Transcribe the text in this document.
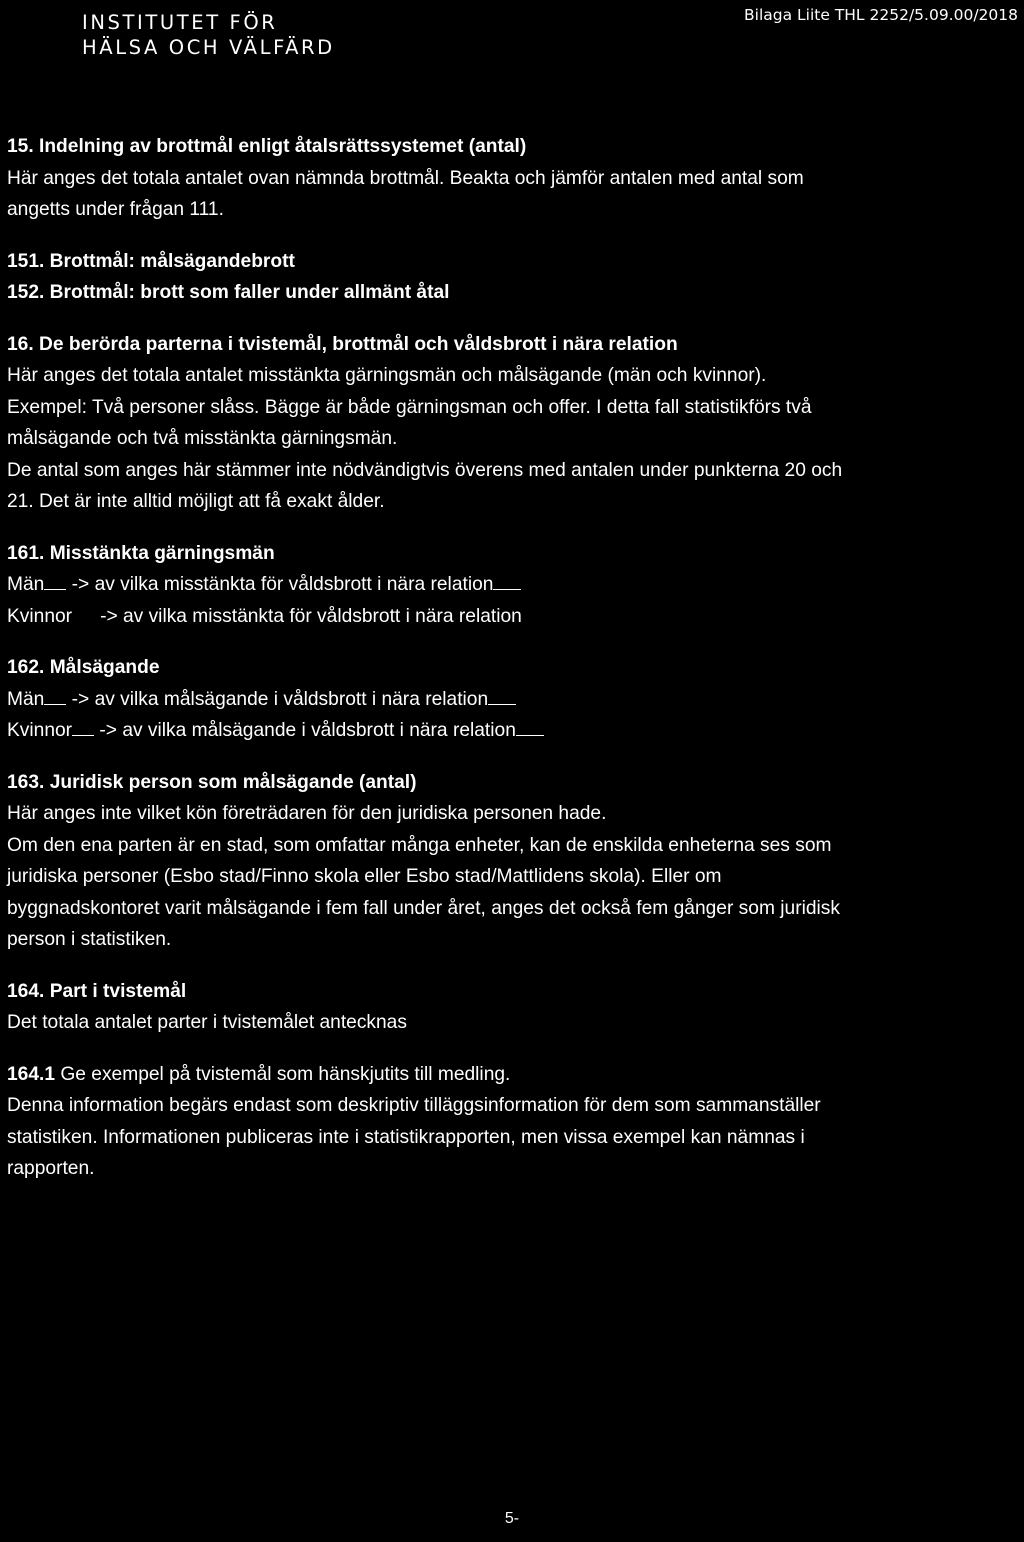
INSTITUTET FÖR
HÄLSA OCH VÄLFÄRD
Bilaga Liite THL 2252/5.09.00/2018
15. Indelning av brottmål enligt åtalsrättssystemet (antal)
Här anges det totala antalet ovan nämnda brottmål. Beakta och jämför antalen med antal som
angetts under frågan 111.
151. Brottmål: målsägandebrott
152. Brottmål: brott som faller under allmänt åtal
16. De berörda parterna i tvistemål, brottmål och våldsbrott i nära relation
Här anges det totala antalet misstänkta gärningsmän och målsägande (män och kvinnor).
Exempel: Två personer slåss. Bägge är både gärningsman och offer. I detta fall statistikförs två
målsägande och två misstänkta gärningsmän.
De antal som anges här stämmer inte nödvändigtvis överens med antalen under punkterna 20 och
21. Det är inte alltid möjligt att få exakt ålder.
161. Misstänkta gärningsmän
Män -> av vilka misstänkta för våldsbrott i nära relation
Kvinnor -> av vilka misstänkta för våldsbrott i nära relation
162. Målsägande
Män -> av vilka målsägande i våldsbrott i nära relation
Kvinnor -> av vilka målsägande i våldsbrott i nära relation
163. Juridisk person som målsägande (antal)
Här anges inte vilket kön företrädaren för den juridiska personen hade.
Om den ena parten är en stad, som omfattar många enheter, kan de enskilda enheterna ses som
juridiska personer (Esbo stad/Finno skola eller Esbo stad/Mattlidens skola). Eller om
byggnadskontoret varit målsägande i fem fall under året, anges det också fem gånger som juridisk
person i statistiken.
164. Part i tvistemål
Det totala antalet parter i tvistemålet antecknas
164.1 Ge exempel på tvistemål som hänskjutits till medling.
Denna information begärs endast som deskriptiv tilläggsinformation för dem som sammanställer
statistiken. Informationen publiceras inte i statistikrapporten, men vissa exempel kan nämnas i
rapporten.
5-
